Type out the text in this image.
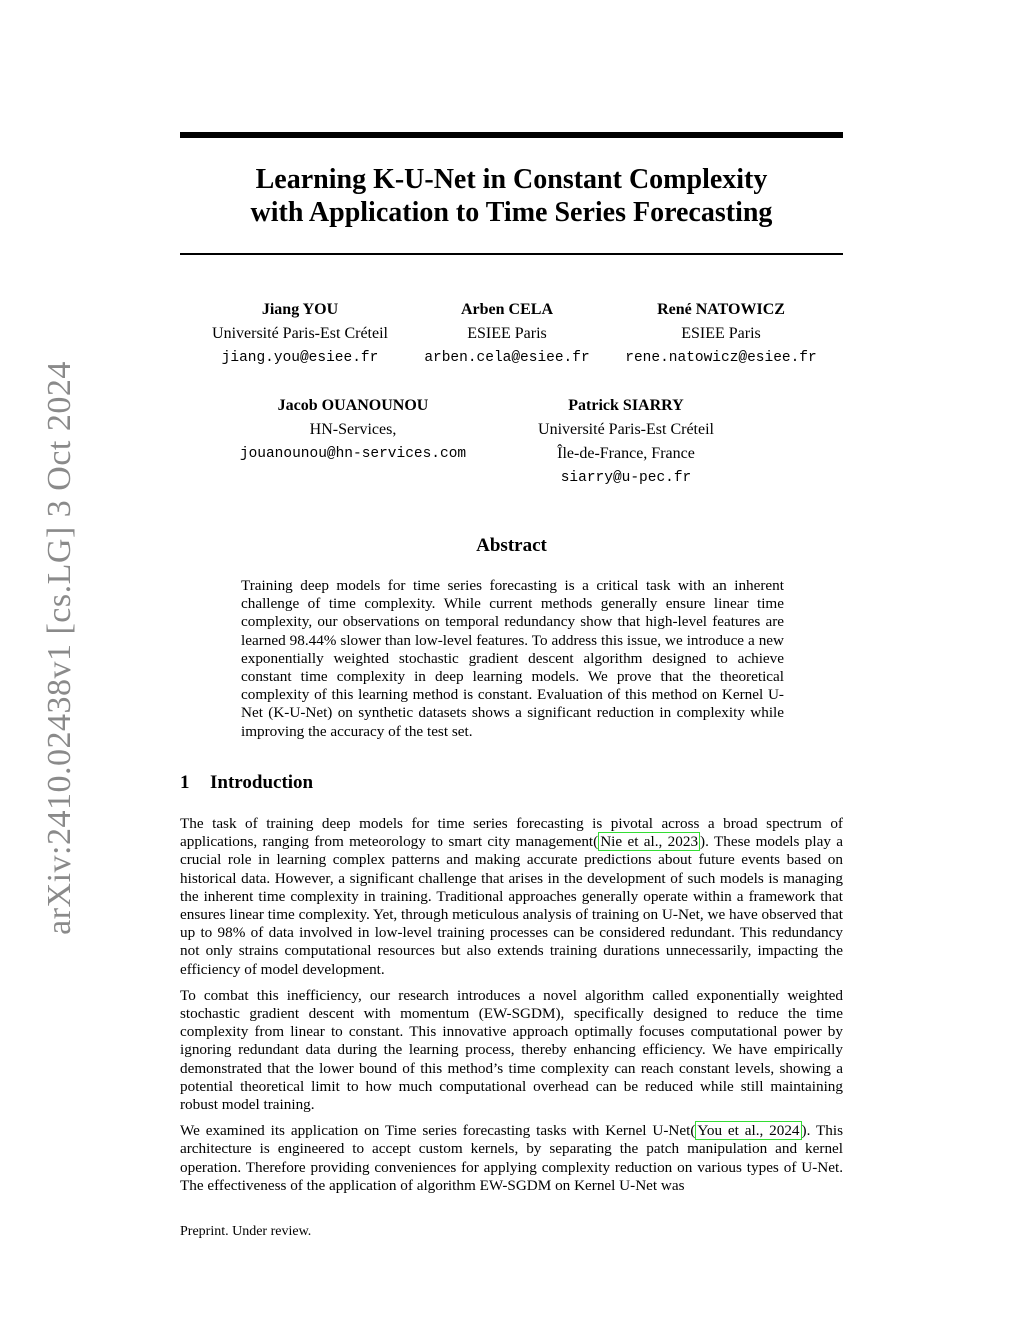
arXiv:2410.02438v1 [cs.LG] 3 Oct 2024
Learning K-U-Net in Constant Complexity
with Application to Time Series Forecasting
Jiang YOU
Université Paris-Est Créteil
jiang.you@esiee.fr
Arben CELA
ESIEE Paris
arben.cela@esiee.fr
René NATOWICZ
ESIEE Paris
rene.natowicz@esiee.fr
Jacob OUANOUNOU
HN-Services,
jouanounou@hn-services.com
Patrick SIARRY
Université Paris-Est Créteil
Île-de-France, France
siarry@u-pec.fr
Abstract
Training deep models for time series forecasting is a critical task with an inherent challenge of time complexity. While current methods generally ensure linear time complexity, our observations on temporal redundancy show that high-level features are learned 98.44% slower than low-level features. To address this issue, we introduce a new exponentially weighted stochastic gradient descent algorithm designed to achieve constant time complexity in deep learning models. We prove that the theoretical complexity of this learning method is constant. Evaluation of this method on Kernel U-Net (K-U-Net) on synthetic datasets shows a significant reduction in complexity while improving the accuracy of the test set.
1 Introduction

The task of training deep models for time series forecasting is pivotal across a broad spectrum of applications, ranging from meteorology to smart city management( Nie et al., 2023 ). These models play a crucial role in learning complex patterns and making accurate predictions about future events based on historical data. However, a significant challenge that arises in the development of such models is managing the inherent time complexity in training. Traditional approaches generally operate within a framework that ensures linear time complexity. Yet, through meticulous analysis of training on U-Net, we have observed that up to 98% of data involved in low-level training processes can be considered redundant. This redundancy not only strains computational resources but also extends training durations unnecessarily, impacting the efficiency of model development.

To combat this inefficiency, our research introduces a novel algorithm called exponentially weighted stochastic gradient descent with momentum (EW-SGDM), specifically designed to reduce the time complexity from linear to constant. This innovative approach optimally focuses computational power by ignoring redundant data during the learning process, thereby enhancing efficiency. We have empirically demonstrated that the lower bound of this method’s time complexity can reach constant levels, showing a potential theoretical limit to how much computational overhead can be reduced while still maintaining robust model training.

We examined its application on Time series forecasting tasks with Kernel U-Net( You et al., 2024 ). This architecture is engineered to accept custom kernels, by separating the patch manipulation and kernel operation. Therefore providing conveniences for applying complexity reduction on various types of U-Net. The effectiveness of the application of algorithm EW-SGDM on Kernel U-Net was

Preprint. Under review.
